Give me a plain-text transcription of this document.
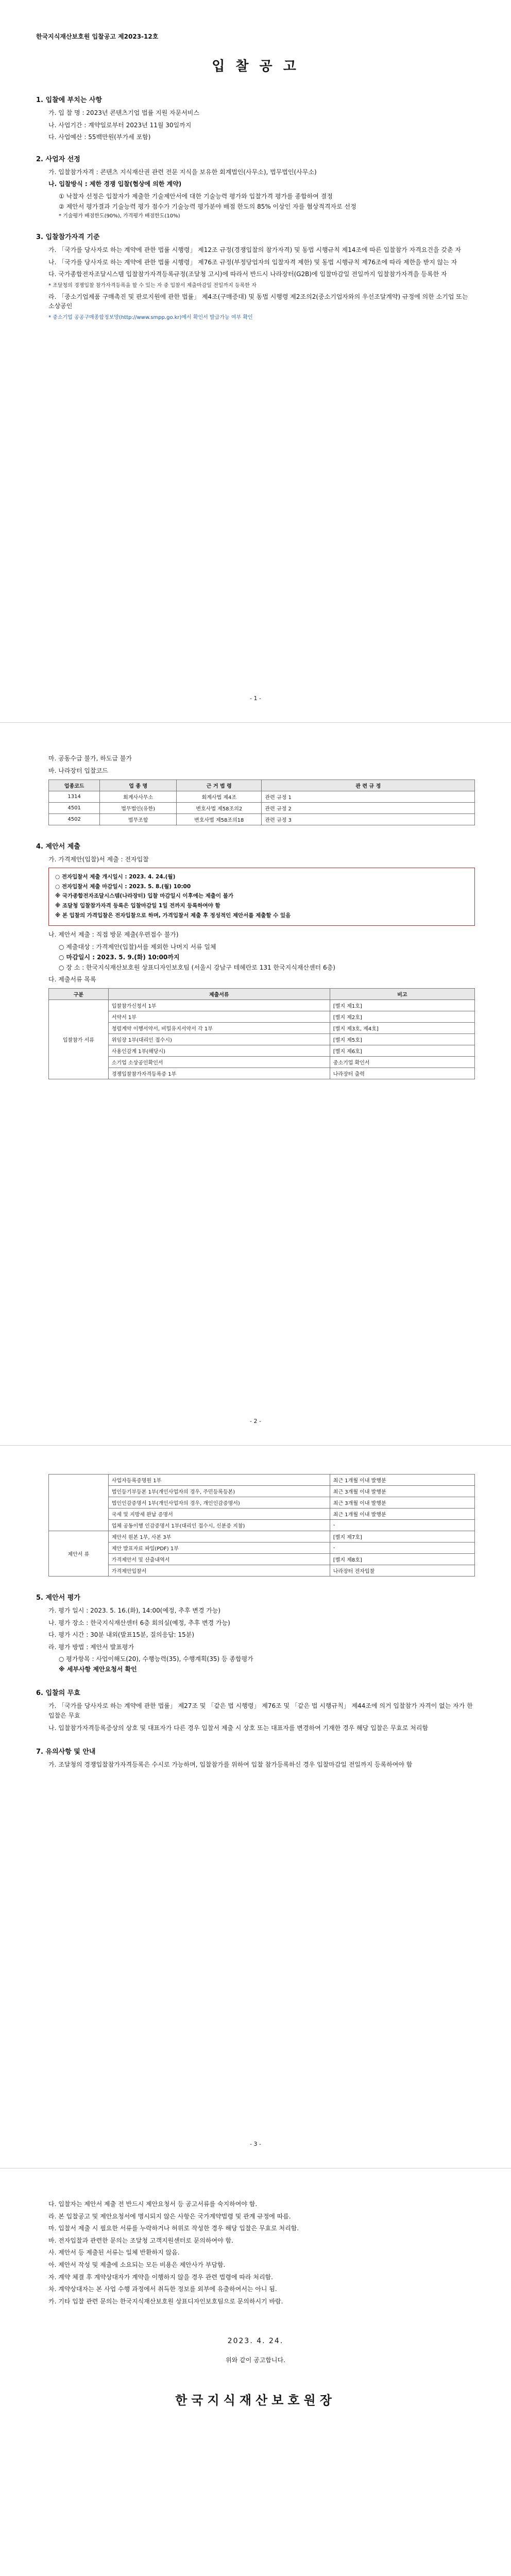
한국지식재산보호원 입찰공고 제2023-12호
입 찰 공 고
1. 입찰에 부치는 사항
가. 입 찰 명 : 2023년 콘텐츠기업 법률 지원 자문서비스
나. 사업기간 : 계약일로부터 2023년 11월 30일까지
다. 사업예산 : 55백만원(부가세 포함)
2. 사업자 선정
가. 입찰참가자격 : 콘텐츠 지식재산권 관련 전문 지식을 보유한 회계법인(사무소), 법무법인(사무소)
나. 입찰방식 : 제한 경쟁 입찰(협상에 의한 계약)
① 낙찰자 선정은 입찰자가 제출한 기술제안서에 대한 기술능력 평가와 입찰가격 평가를 종합하여 결정
② 제안서 평가결과 기술능력 평가 점수가 기술능력 평가분야 배점 한도의 85% 이상인 자를 협상적격자로 선정
* 기술평가 배점한도(90%), 가격평가 배점한도(10%)
3. 입찰참가자격 기준
가. 「국가를 당사자로 하는 계약에 관한 법률 시행령」 제12조 규정(경쟁입찰의 참가자격) 및 동법 시행규칙 제14조에 따른 입찰참가 자격요건을 갖춘 자
나. 「국가를 당사자로 하는 계약에 관한 법률 시행령」 제76조 규정(부정당업자의 입찰자격 제한) 및 동법 시행규칙 제76조에 따라 제한을 받지 않는 자
다. 국가종합전자조달시스템 입찰참가자격등록규정(조달청 고시)에 따라서 반드시 나라장터(G2B)에 입찰마감일 전일까지 입찰참가자격을 등록한 자
* 조달청의 경쟁입찰 참가자격등록을 할 수 있는 자 중 입찰서 제출마감일 전일까지 등록한 자
라. 「중소기업제품 구매촉진 및 판로지원에 관한 법률」 제4조(구매증대) 및 동법 시행령 제2조의2(중소기업자와의 우선조달계약) 규정에 의한 소기업 또는 소상공인
* 중소기업 공공구매종합정보망(http://www.smpp.go.kr)에서 확인서 발급가능 여부 확인
- 1 -
마. 공동수급 불가, 하도급 불가
바. 나라장터 입찰코드
업종코드	업 종 명	근 거 법 령	관 련 규 정
1314	회계사사무소	회계사법 제4조	관련 규정 1
4501	법무법인(유한)	변호사법 제58조의2	관련 규정 2
4502	법무조합	변호사법 제58조의18	관련 규정 3
4. 제안서 제출
가. 가격제안(입찰)서 제출 : 전자입찰
○ 전자입찰서 제출 개시일시 : 2023. 4. 24.(월)
○ 전자입찰서 제출 마감일시 : 2023. 5. 8.(월) 10:00
※ 국가종합전자조달시스템(나라장터) 입찰 마감일시 이후에는 제출이 불가
※ 조달청 입찰참가자격 등록은 입찰마감일 1일 전까지 등록하여야 함
※ 본 입찰의 가격입찰은 전자입찰으로 하며, 가격입찰서 제출 후 정성적인 제안서를 제출할 수 있음
나. 제안서 제출 : 직접 방문 제출(우편접수 불가)
○ 제출대상 : 가격제안(입찰)서를 제외한 나머지 서류 일체
○ 마감일시 : 2023. 5. 9.(화) 10:00까지
○ 장 소 : 한국지식재산보호원 상표디자인보호팀 (서울시 강남구 테헤란로 131 한국지식재산센터 6층)
다. 제출서류 목록
구분	제출서류	비고
입찰참가 서류	입찰참가신청서 1부	[별지 제1호]
	서약서 1부	[별지 제2호]
	청렴계약 이행서약서, 비밀유지서약서 각 1부	[별지 제3호, 제4호]
	위임장 1부(대리인 접수시)	[별지 제5호]
	사용인감계 1부(해당시)	[별지 제6호]
	소기업 소상공인확인서	중소기업 확인서
	경쟁입찰참가자격등록증 1부	나라장터 출력
- 2 -
	사업자등록증명원 1부	최근 1개월 이내 발행분
	법인등기부등본 1부(개인사업자의 경우, 주민등록등본)	최근 3개월 이내 발행분
	법인인감증명서 1부(개인사업자의 경우, 개인인감증명서)	최근 3개월 이내 발행분
	국세 및 지방세 완납 증명서	최근 1개월 이내 발행분
	업체 공동이행 인감증명서 1부(대리인 접수시, 신분증 지참)	-
제안서 류	제안서 원본 1부, 사본 3부	[별지 제7호]
	제안 발표자료 파일(PDF) 1부	-
	가격제안서 및 산출내역서	[별지 제8호]
	가격제안입찰서	나라장터 전자입찰
5. 제안서 평가
가. 평가 일시 : 2023. 5. 16.(화), 14:00(예정, 추후 변경 가능)
나. 평가 장소 : 한국지식재산센터 6층 회의실(예정, 추후 변경 가능)
다. 평가 시간 : 30분 내외(발표15분, 질의응답: 15분)
라. 평가 방법 : 제안서 발표평가
○ 평가항목 : 사업이해도(20), 수행능력(35), 수행계획(35) 등 종합평가
※ 세부사항 제안요청서 확인
6. 입찰의 무효
가. 「국가를 당사자로 하는 계약에 관한 법률」 제27조 및 「같은 법 시행령」 제76조 및 「같은 법 시행규칙」 제44조에 의거 입찰참가 자격이 없는 자가 한 입찰은 무효
나. 입찰참가자격등록증상의 상호 및 대표자가 다른 경우 입찰서 제출 시 상호 또는 대표자를 변경하여 기재한 경우 해당 입찰은 무효로 처리함
7. 유의사항 및 안내
가. 조달청의 경쟁입찰참가자격등록은 수시로 가능하며, 입찰참가를 위하여 입찰 참가등록하신 경우 입찰마감일 전일까지 등록하여야 함
- 3 -
다. 입찰자는 제안서 제출 전 반드시 제안요청서 등 공고서류를 숙지하여야 함.
라. 본 입찰공고 및 제안요청서에 명시되지 않은 사항은 국가계약법령 및 관계 규정에 따름.
마. 입찰서 제출 시 필요한 서류를 누락하거나 허위로 작성한 경우 해당 입찰은 무효로 처리함.
바. 전자입찰과 관련한 문의는 조달청 고객지원센터로 문의하여야 함.
사. 제안서 등 제출된 서류는 일체 반환하지 않음.
아. 제안서 작성 및 제출에 소요되는 모든 비용은 제안사가 부담함.
자. 계약 체결 후 계약상대자가 계약을 이행하지 않을 경우 관련 법령에 따라 처리함.
차. 계약상대자는 본 사업 수행 과정에서 취득한 정보를 외부에 유출하여서는 아니 됨.
카. 기타 입찰 관련 문의는 한국지식재산보호원 상표디자인보호팀으로 문의하시기 바람.
2023. 4. 24.
위와 같이 공고합니다.
한국지식재산보호원장
